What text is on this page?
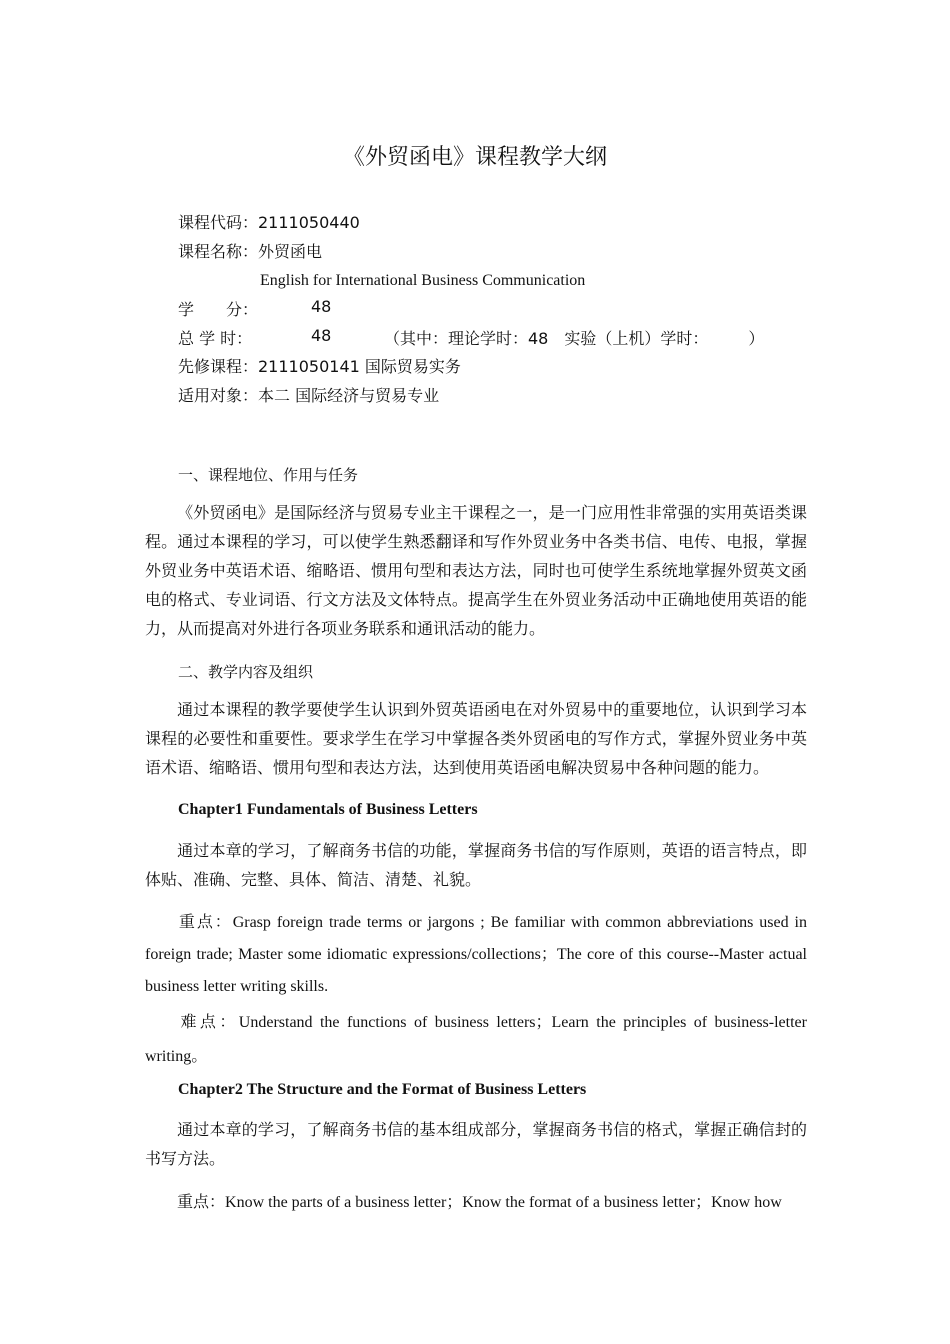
《外贸函电》课程教学大纲
课程代码：2111050440
课程名称：外贸函电
English for International Business Communication
学　　分：	48
总 学 时：	48	（其中：理论学时：48　实验（上机）学时：　　　）
先修课程：2111050141 国际贸易实务
适用对象：本二 国际经济与贸易专业
一、课程地位、作用与任务
《外贸函电》是国际经济与贸易专业主干课程之一，是一门应用性非常强的实用英语类课程。通过本课程的学习，可以使学生熟悉翻译和写作外贸业务中各类书信、电传、电报，掌握外贸业务中英语术语、缩略语、惯用句型和表达方法，同时也可使学生系统地掌握外贸英文函电的格式、专业词语、行文方法及文体特点。提高学生在外贸业务活动中正确地使用英语的能力，从而提高对外进行各项业务联系和通讯活动的能力。
二、教学内容及组织
通过本课程的教学要使学生认识到外贸英语函电在对外贸易中的重要地位，认识到学习本课程的必要性和重要性。要求学生在学习中掌握各类外贸函电的写作方式，掌握外贸业务中英语术语、缩略语、惯用句型和表达方法，达到使用英语函电解决贸易中各种问题的能力。
Chapter1 Fundamentals of Business Letters
通过本章的学习，了解商务书信的功能，掌握商务书信的写作原则，英语的语言特点，即体贴、准确、完整、具体、简洁、清楚、礼貌。
重点：Grasp foreign trade terms or jargons ; Be familiar with common abbreviations used in foreign trade; Master some idiomatic expressions/collections；The core of this course--Master actual business letter writing skills.
难点：Understand the functions of business letters；Learn the principles of business-letter writing。
Chapter2 The Structure and the Format of Business Letters
通过本章的学习，了解商务书信的基本组成部分，掌握商务书信的格式，掌握正确信封的书写方法。
重点：Know the parts of a business letter；Know the format of a business letter；Know how
